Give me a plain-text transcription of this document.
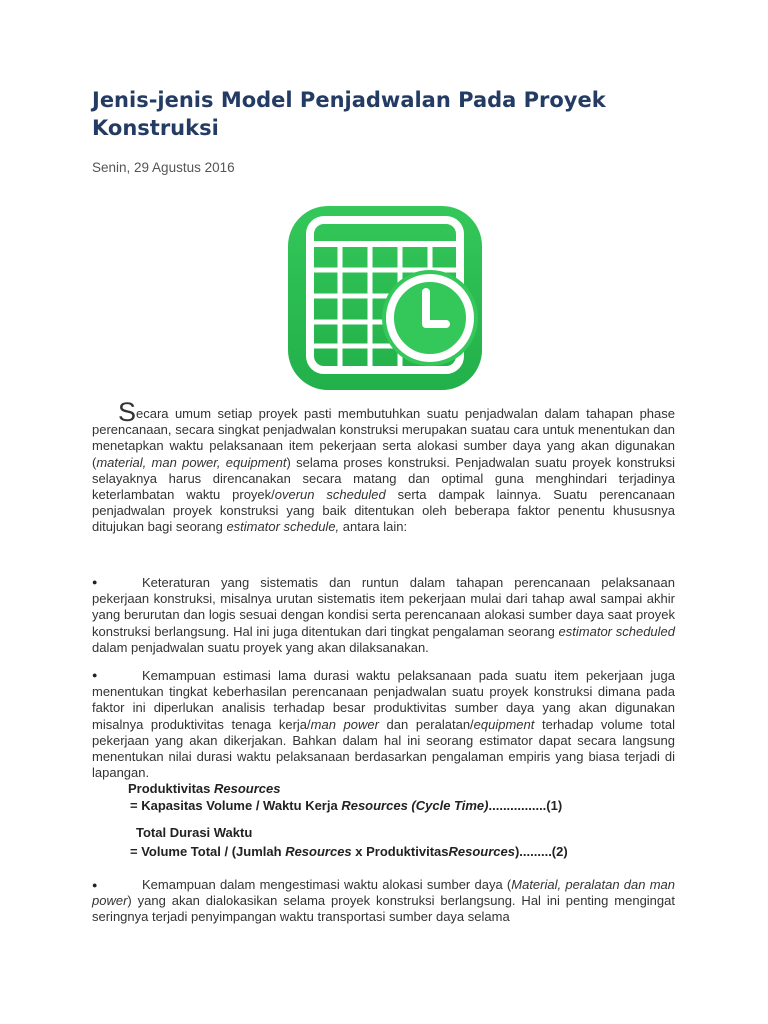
Jenis-jenis Model Penjadwalan Pada Proyek Konstruksi
Senin, 29 Agustus 2016

Secara umum setiap proyek pasti membutuhkan suatu penjadwalan dalam tahapan phase perencanaan, secara singkat penjadwalan konstruksi merupakan suatau cara untuk menentukan dan menetapkan waktu pelaksanaan item pekerjaan serta alokasi sumber daya yang akan digunakan (material, man power, equipment) selama proses konstruksi. Penjadwalan suatu proyek konstruksi selayaknya harus direncanakan secara matang dan optimal guna menghindari terjadinya keterlambatan waktu proyek/overun scheduled serta dampak lainnya. Suatu perencanaan penjadwalan proyek konstruksi yang baik ditentukan oleh beberapa faktor penentu khususnya ditujukan bagi seorang estimator schedule, antara lain:

●	Keteraturan yang sistematis dan runtun dalam tahapan perencanaan pelaksanaan pekerjaan konstruksi, misalnya urutan sistematis item pekerjaan mulai dari tahap awal sampai akhir yang berurutan dan logis sesuai dengan kondisi serta perencanaan alokasi sumber daya saat proyek konstruksi berlangsung. Hal ini juga ditentukan dari tingkat pengalaman seorang estimator scheduled dalam penjadwalan suatu proyek yang akan dilaksanakan.

●	Kemampuan estimasi lama durasi waktu pelaksanaan pada suatu item pekerjaan juga menentukan tingkat keberhasilan perencanaan penjadwalan suatu proyek konstruksi dimana pada faktor ini diperlukan analisis terhadap besar produktivitas sumber daya yang akan digunakan misalnya produktivitas tenaga kerja/man power dan peralatan/equipment terhadap volume total pekerjaan yang akan dikerjakan. Bahkan dalam hal ini seorang estimator dapat secara langsung menentukan nilai durasi waktu pelaksanaan berdasarkan pengalaman empiris yang biasa terjadi di lapangan.

Produktivitas Resources
= Kapasitas Volume / Waktu Kerja Resources (Cycle Time)................(1)
Total Durasi Waktu
= Volume Total / (Jumlah Resources x ProduktivitasResources).........(2)
●	Kemampuan dalam mengestimasi waktu alokasi sumber daya (Material, peralatan dan man power) yang akan dialokasikan selama proyek konstruksi berlangsung. Hal ini penting mengingat seringnya terjadi penyimpangan waktu transportasi sumber daya selama
